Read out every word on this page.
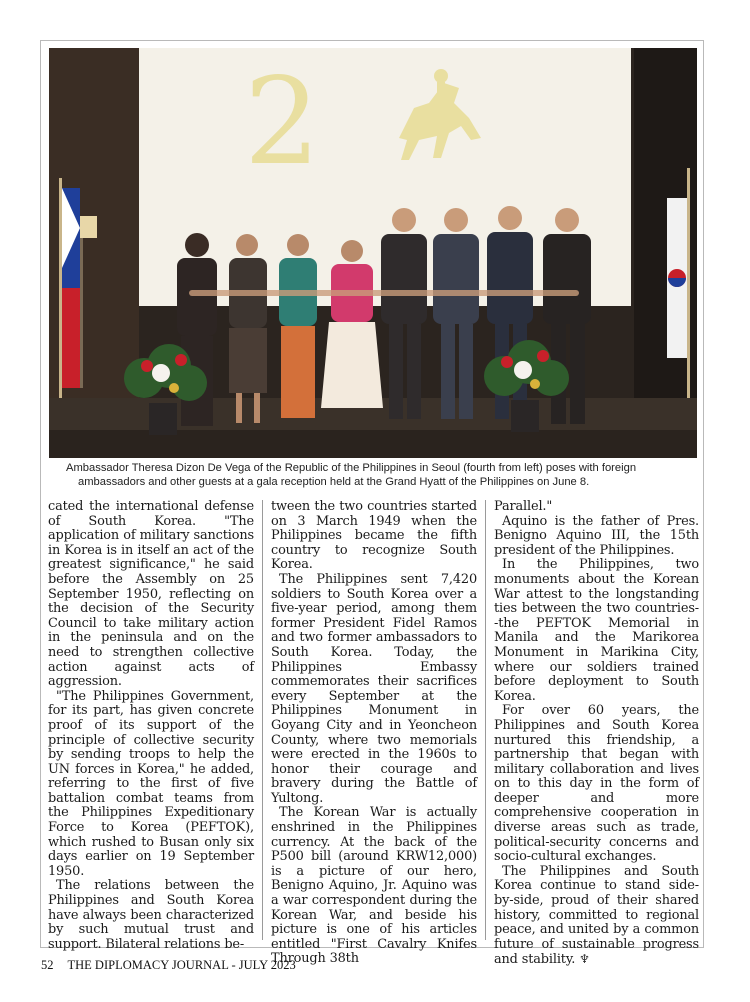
2
Ambassador Theresa Dizon De Vega of the Republic of the Philippines in Seoul (fourth from left) poses with foreign ambassadors and other guests at a gala reception held at the Grand Hyatt of the Philippines on June 8.

cated the international defense of South Korea. "The application of military sanctions in Korea is in itself an act of the greatest significance," he said before the Assembly on 25 September 1950, reflecting on the decision of the Security Council to take military action in the peninsula and on the need to strengthen collective action against acts of aggression.

"The Philippines Government, for its part, has given concrete proof of its support of the principle of collective security by sending troops to help the UN forces in Korea," he added, referring to the first of five battalion combat teams from the Philippines Expeditionary Force to Korea (PEFTOK), which rushed to Busan only six days earlier on 19 September 1950.

The relations between the Philippines and South Korea have always been characterized by such mutual trust and support. Bilateral relations be-

tween the two countries started on 3 March 1949 when the Philippines became the fifth country to recognize South Korea.

The Philippines sent 7,420 soldiers to South Korea over a five-year period, among them former President Fidel Ramos and two former ambassadors to South Korea. Today, the Philippines Embassy commemorates their sacrifices every September at the Philippines Monument in Goyang City and in Yeoncheon County, where two memorials were erected in the 1960s to honor their courage and bravery during the Battle of Yultong.

The Korean War is actually enshrined in the Philippines currency. At the back of the P500 bill (around KRW12,000) is a picture of our hero, Benigno Aquino, Jr. Aquino was a war correspondent during the Korean War, and beside his picture is one of his articles entitled "First Cavalry Knifes Through 38th

Parallel."

Aquino is the father of Pres. Benigno Aquino III, the 15th president of the Philippines.

In the Philippines, two monuments about the Korean War attest to the longstanding ties between the two countries--the PEFTOK Memorial in Manila and the Marikorea Monument in Marikina City, where our soldiers trained before deployment to South Korea.

For over 60 years, the Philippines and South Korea nurtured this friendship, a partnership that began with military collaboration and lives on to this day in the form of deeper and more comprehensive cooperation in diverse areas such as trade, political-security concerns and socio-cultural exchanges.

The Philippines and South Korea continue to stand side-by-side, proud of their shared history, committed to regional peace, and united by a common future of sustainable progress and stability. ♆

52 THE DIPLOMACY JOURNAL - JULY 2023
